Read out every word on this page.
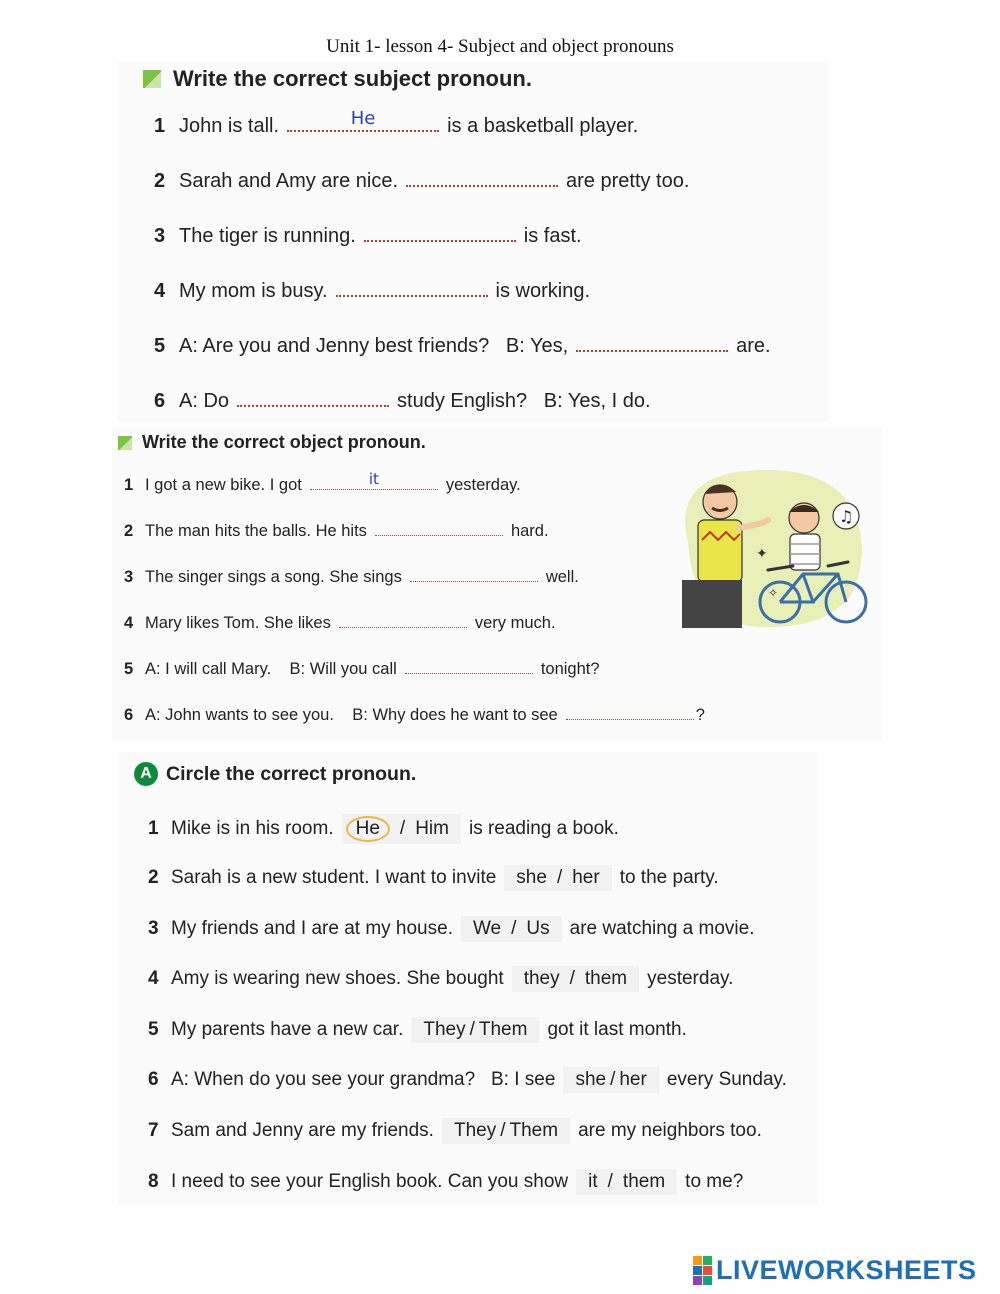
Unit 1- lesson 4- Subject and object pronouns
Write the correct subject pronoun.
1 John is tall.	He	is a basketball player.
2 Sarah and Amy are nice.	are pretty too.
3 The tiger is running.	is fast.
4 My mom is busy.	is working.
5 A: Are you and Jenny best friends?   B: Yes,	are.
6 A: Do	study English?   B: Yes, I do.
Write the correct object pronoun.
1 I got a new bike. I got	it	yesterday.
2 The man hits the balls. He hits	hard.
3 The singer sings a song. She sings	well.
4 Mary likes Tom. She likes	very much.
5 A: I will call Mary.    B: Will you call	tonight?
6 A: John wants to see you.    B: Why does he want to see	?
♫
✦
✧
A Circle the correct pronoun.
1 Mike is in his room.	He	/ Him is reading a book.
2 Sarah is a new student. I want to invite she / her to the party.
3 My friends and I are at my house. We / Us are watching a movie.
4 Amy is wearing new shoes. She bought they / them yesterday.
5 My parents have a new car. They / Them got it last month.
6 A: When do you see your grandma?   B: I see she / her every Sunday.
7 Sam and Jenny are my friends. They / Them are my neighbors too.
8 I need to see your English book. Can you show it / them to me?
LIVEWORKSHEETS
